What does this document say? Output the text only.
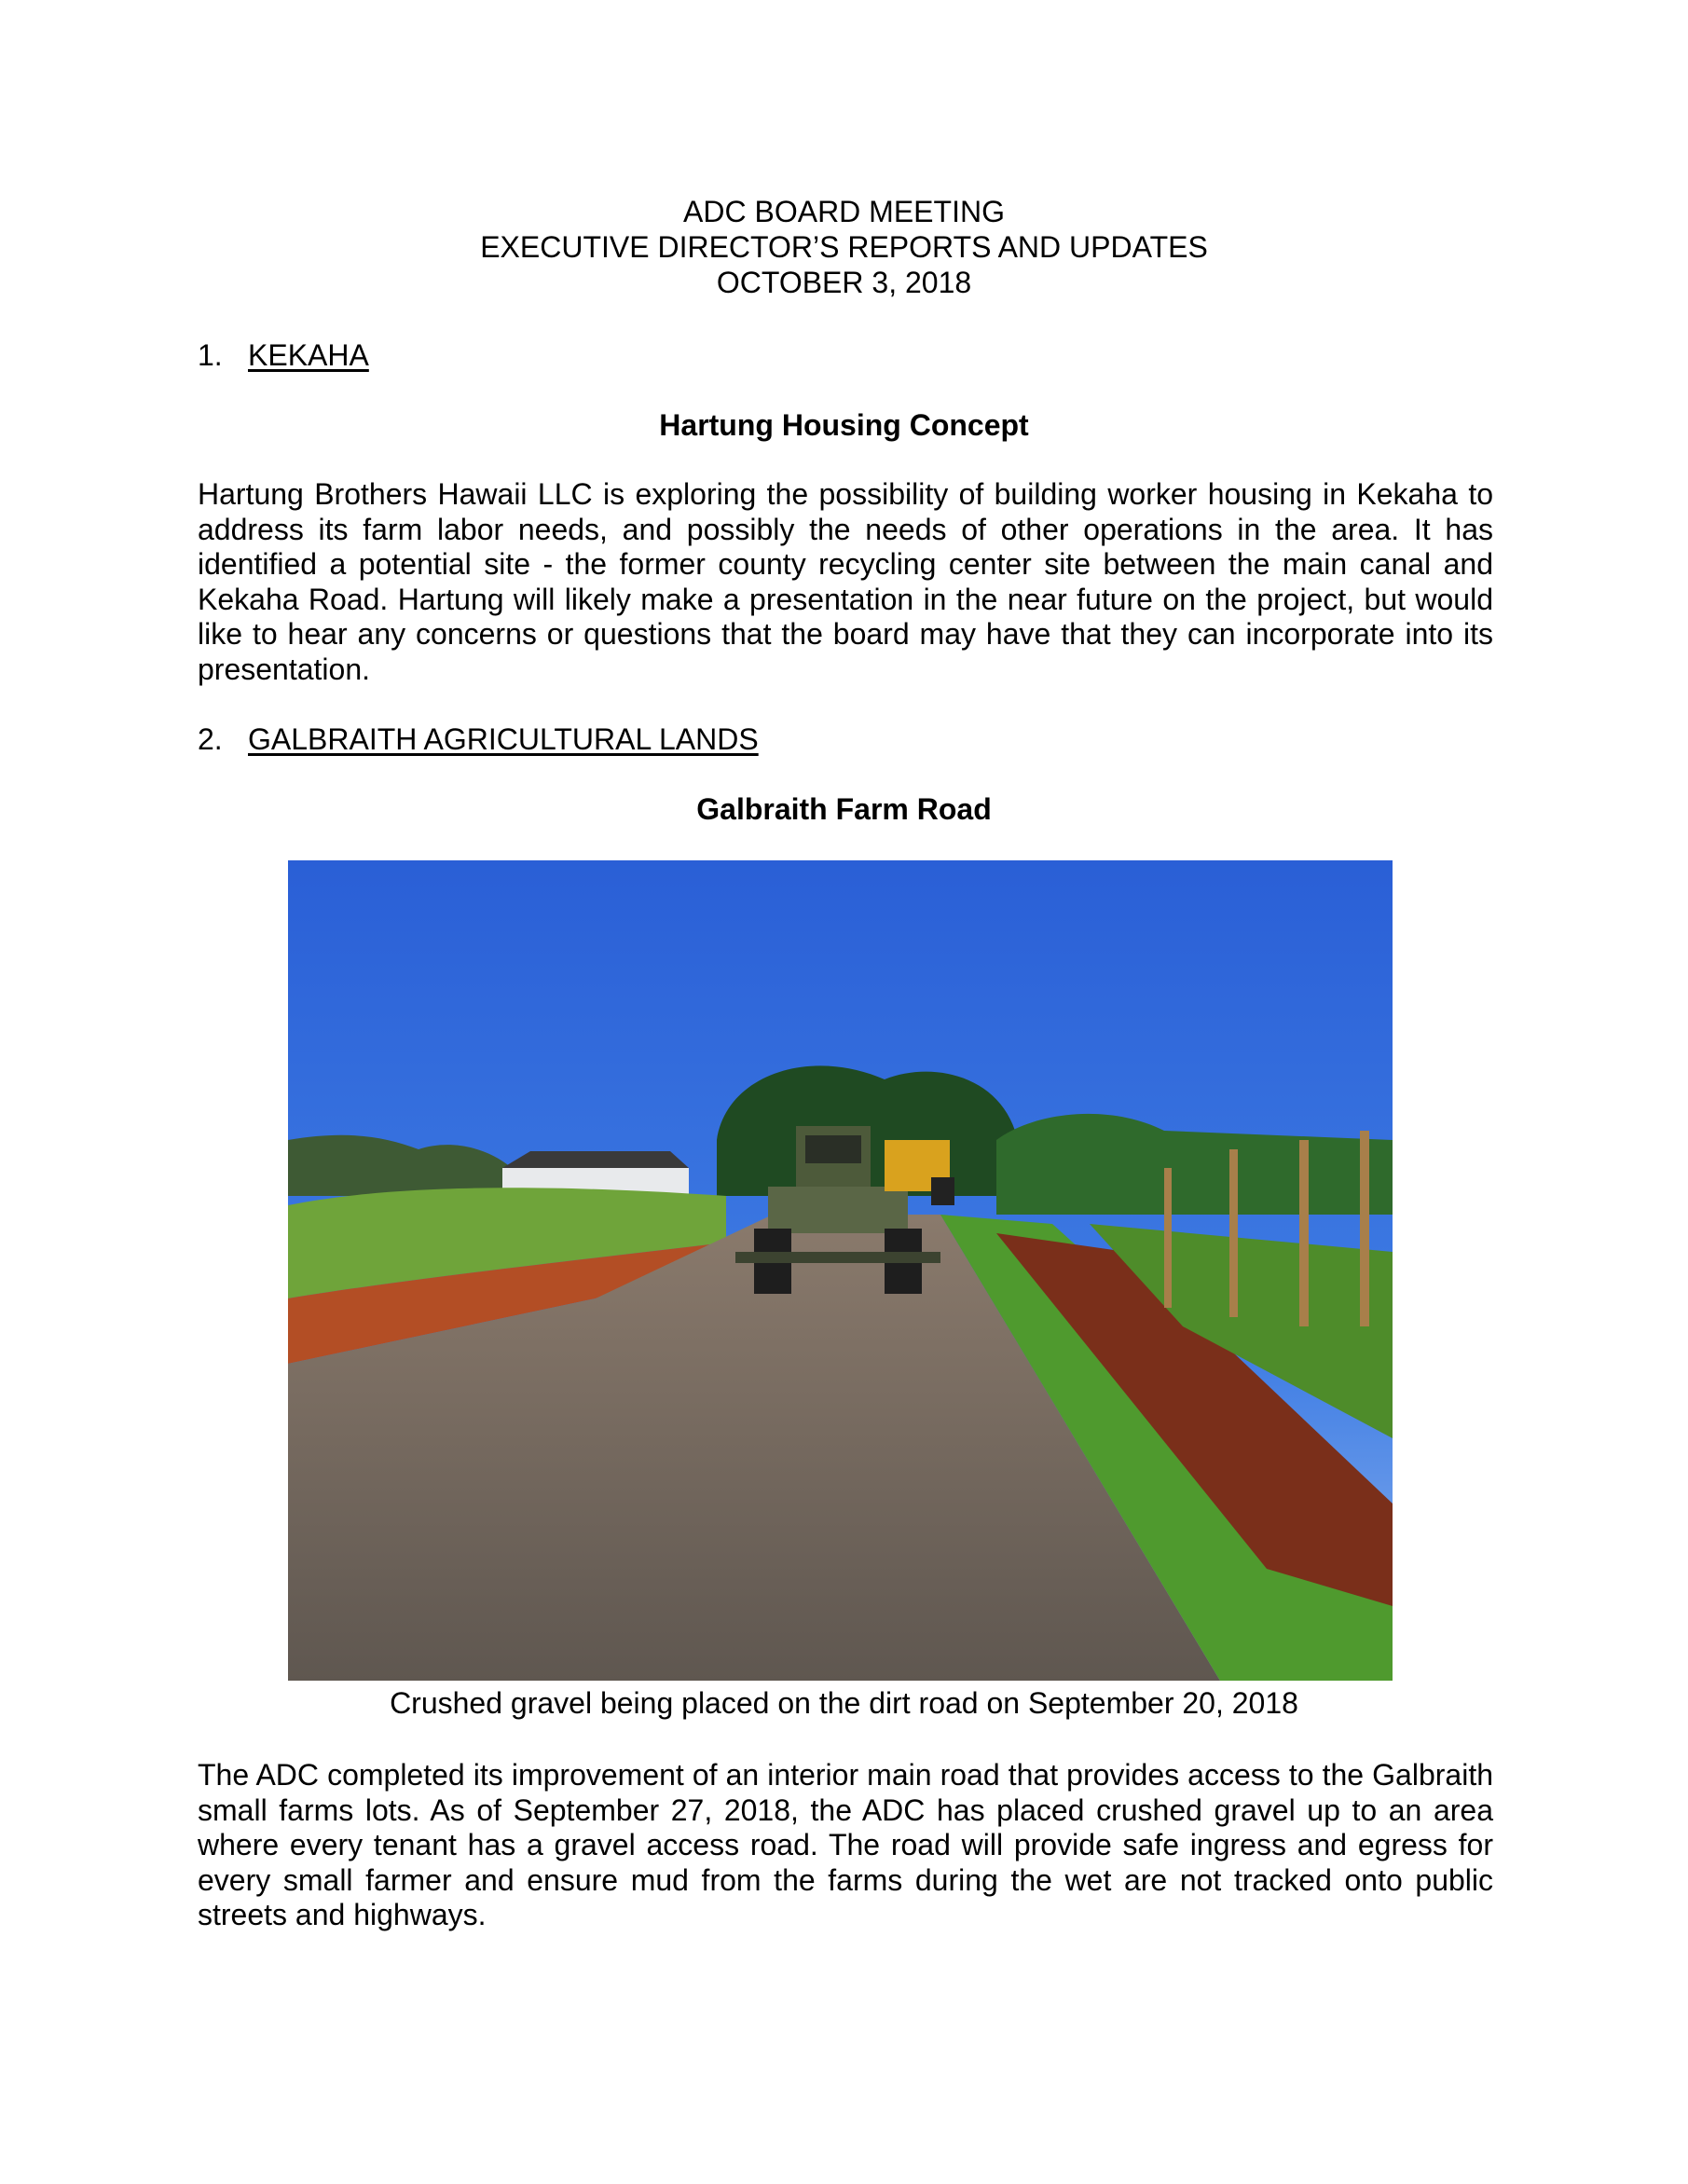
ADC BOARD MEETING
EXECUTIVE DIRECTOR’S REPORTS AND UPDATES
OCTOBER 3, 2018
1. KEKAHA
Hartung Housing Concept
Hartung Brothers Hawaii LLC is exploring the possibility of building worker housing in Kekaha to address its farm labor needs, and possibly the needs of other operations in the area. It has identified a potential site - the former county recycling center site between the main canal and Kekaha Road. Hartung will likely make a presentation in the near future on the project, but would like to hear any concerns or questions that the board may have that they can incorporate into its presentation.
2. GALBRAITH AGRICULTURAL LANDS
Galbraith Farm Road
Crushed gravel being placed on the dirt road on September 20, 2018
The ADC completed its improvement of an interior main road that provides access to the Galbraith small farms lots. As of September 27, 2018, the ADC has placed crushed gravel up to an area where every tenant has a gravel access road. The road will provide safe ingress and egress for every small farmer and ensure mud from the farms during the wet are not tracked onto public streets and highways.
